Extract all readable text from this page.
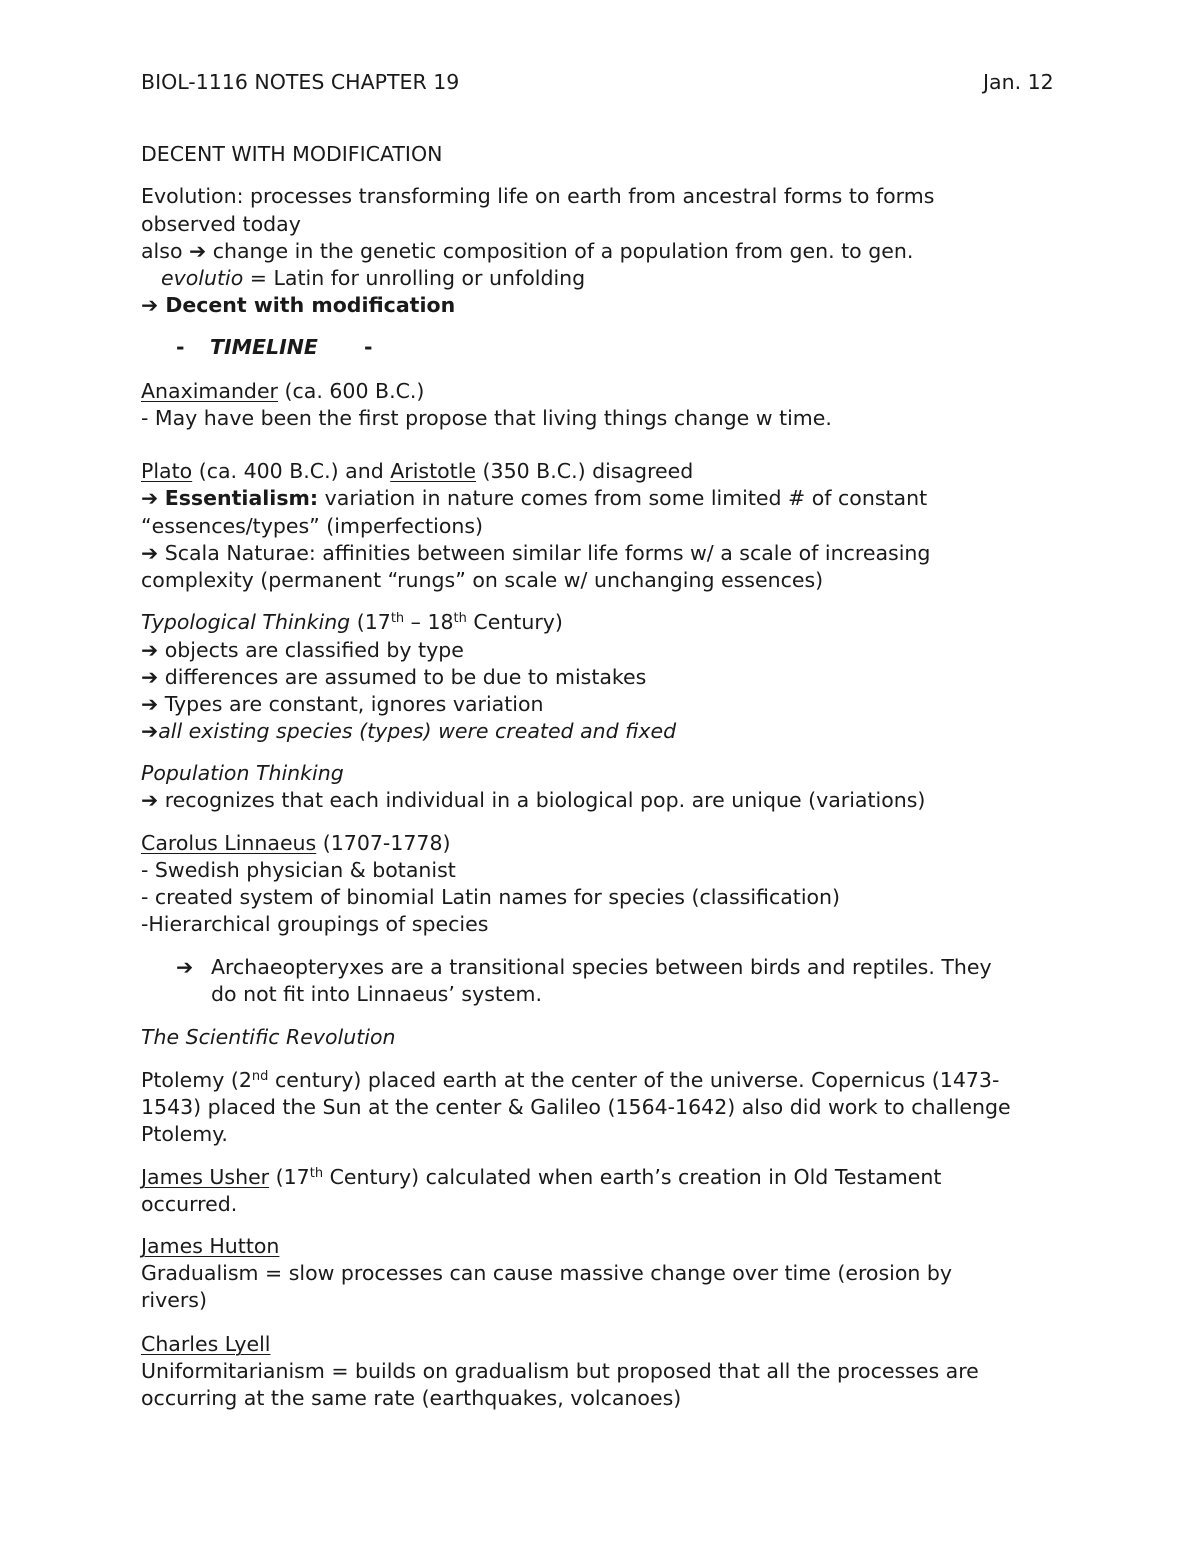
BIOL-1116 NOTES CHAPTER 19	Jan. 12
DECENT WITH MODIFICATION
Evolution: processes transforming life on earth from ancestral forms to forms
observed today
also ➔ change in the genetic composition of a population from gen. to gen.
evolutio = Latin for unrolling or unfolding
➔ Decent with modification
- TIMELINE -
Anaximander (ca. 600 B.C.)
- May have been the first propose that living things change w time.
Plato (ca. 400 B.C.) and Aristotle (350 B.C.) disagreed
➔ Essentialism: variation in nature comes from some limited # of constant
“essences/types” (imperfections)
➔ Scala Naturae: affinities between similar life forms w/ a scale of increasing
complexity (permanent “rungs” on scale w/ unchanging essences)
Typological Thinking (17th – 18th Century)
➔ objects are classified by type
➔ differences are assumed to be due to mistakes
➔ Types are constant, ignores variation
➔all existing species (types) were created and fixed
Population Thinking
➔ recognizes that each individual in a biological pop. are unique (variations)
Carolus Linnaeus (1707-1778)
- Swedish physician & botanist
- created system of binomial Latin names for species (classification)
-Hierarchical groupings of species
➔ Archaeopteryxes are a transitional species between birds and reptiles. They
do not fit into Linnaeus’ system.
The Scientific Revolution
Ptolemy (2nd century) placed earth at the center of the universe. Copernicus (1473-
1543) placed the Sun at the center & Galileo (1564-1642) also did work to challenge
Ptolemy.
James Usher (17th Century) calculated when earth’s creation in Old Testament
occurred.
James Hutton
Gradualism = slow processes can cause massive change over time (erosion by
rivers)
Charles Lyell
Uniformitarianism = builds on gradualism but proposed that all the processes are
occurring at the same rate (earthquakes, volcanoes)
